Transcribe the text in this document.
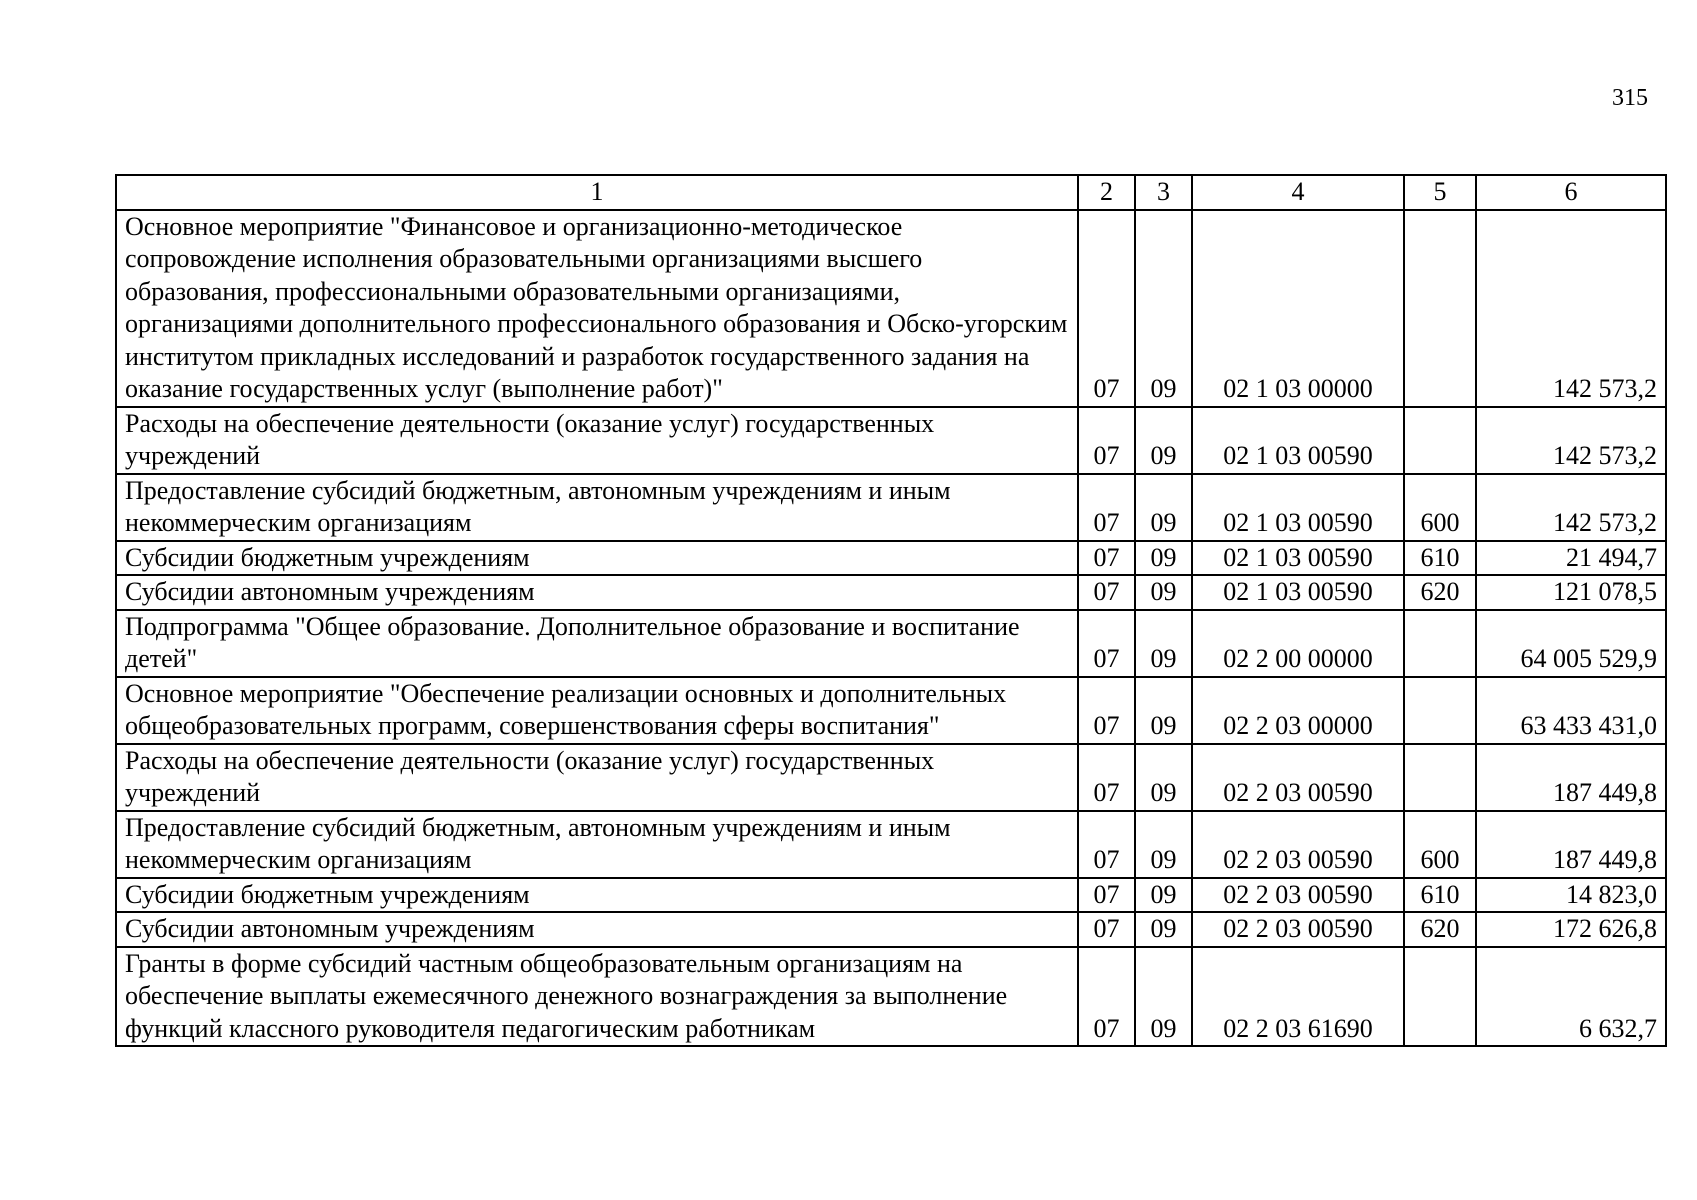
315
1	2	3	4	5	6
Основное мероприятие "Финансовое и организационно-методическое сопровождение исполнения образовательными организациями высшего образования, профессиональными образовательными организациями, организациями дополнительного профессионального образования и Обско-угорским институтом прикладных исследований и разработок государственного задания на оказание государственных услуг (выполнение работ)"	07	09	02 1 03 00000		142 573,2
Расходы на обеспечение деятельности (оказание услуг) государственных учреждений	07	09	02 1 03 00590		142 573,2
Предоставление субсидий бюджетным, автономным учреждениям и иным некоммерческим организациям	07	09	02 1 03 00590	600	142 573,2
Субсидии бюджетным учреждениям	07	09	02 1 03 00590	610	21 494,7
Субсидии автономным учреждениям	07	09	02 1 03 00590	620	121 078,5
Подпрограмма "Общее образование. Дополнительное образование и воспитание детей"	07	09	02 2 00 00000		64 005 529,9
Основное мероприятие "Обеспечение реализации основных и дополнительных общеобразовательных программ, совершенствования сферы воспитания"	07	09	02 2 03 00000		63 433 431,0
Расходы на обеспечение деятельности (оказание услуг) государственных учреждений	07	09	02 2 03 00590		187 449,8
Предоставление субсидий бюджетным, автономным учреждениям и иным некоммерческим организациям	07	09	02 2 03 00590	600	187 449,8
Субсидии бюджетным учреждениям	07	09	02 2 03 00590	610	14 823,0
Субсидии автономным учреждениям	07	09	02 2 03 00590	620	172 626,8
Гранты в форме субсидий частным общеобразовательным организациям на обеспечение выплаты ежемесячного денежного вознаграждения за выполнение функций классного руководителя педагогическим работникам	07	09	02 2 03 61690		6 632,7
